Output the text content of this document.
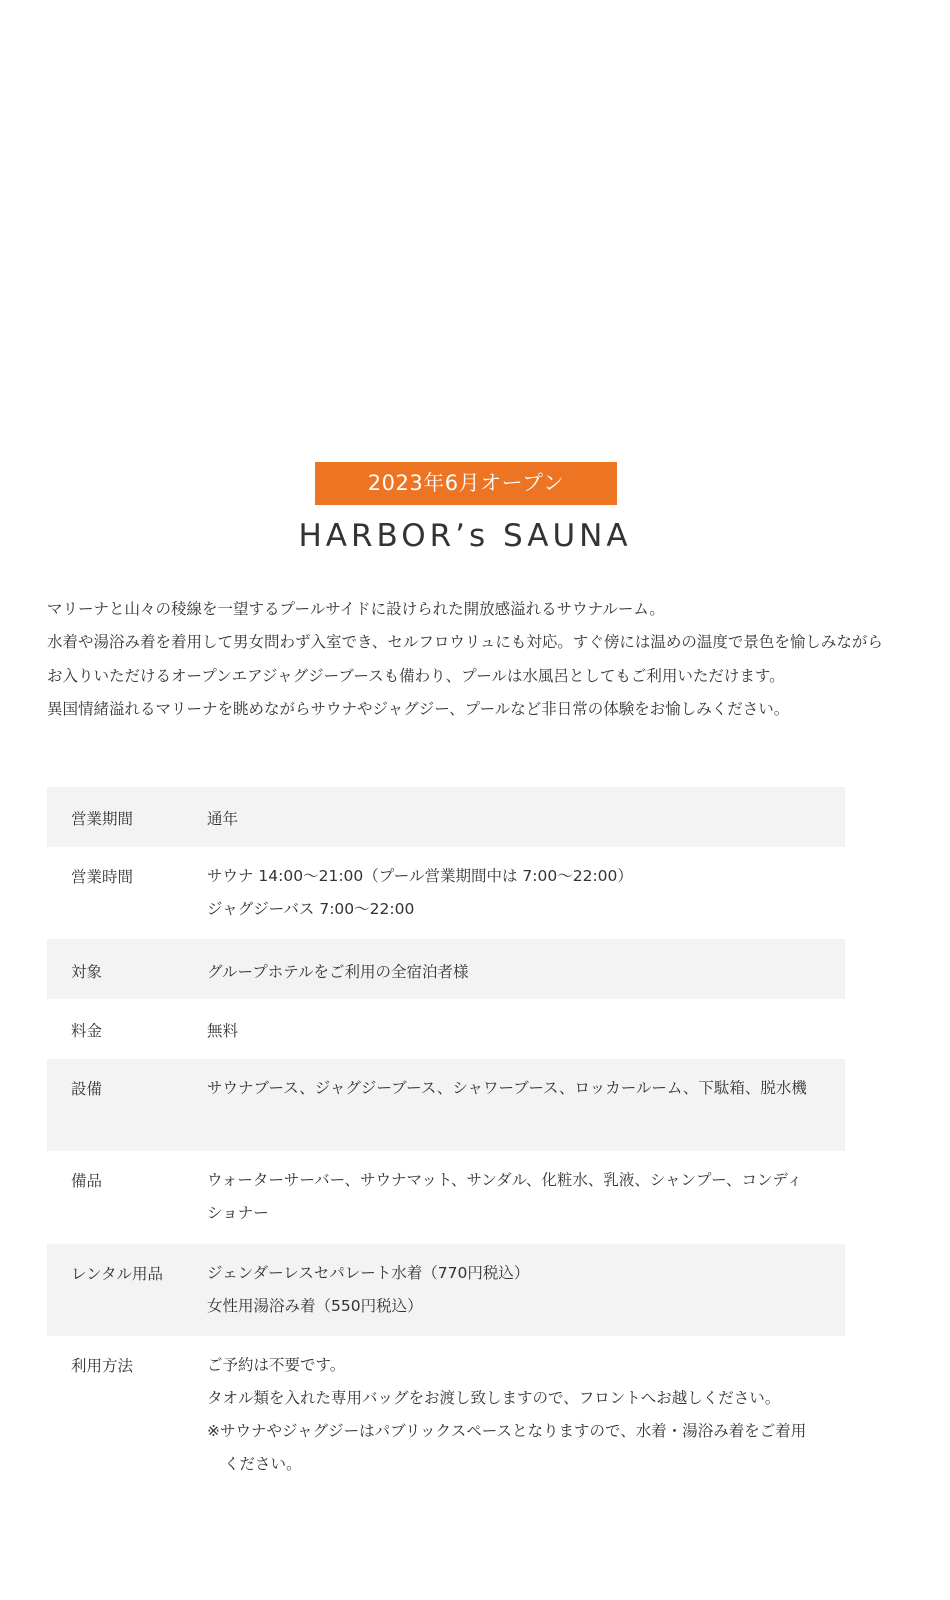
2023年6月オープン
HARBOR’s SAUNA

マリーナと山々の稜線を一望するプールサイドに設けられた開放感溢れるサウナルーム。

水着や湯浴み着を着用して男女問わず入室でき、セルフロウリュにも対応。すぐ傍には温めの温度で景色を愉しみながらお入りいただけるオープンエアジャグジーブースも備わり、プールは水風呂としてもご利用いただけます。

異国情緒溢れるマリーナを眺めながらサウナやジャグジー、プールなど非日常の体験をお愉しみください。

営業期間	通年
営業時間	サウナ 14:00～21:00（プール営業期間中は 7:00～22:00）
ジャグジーバス 7:00～22:00
対象	グループホテルをご利用の全宿泊者様
料金	無料
設備	サウナブース、ジャグジーブース、シャワーブース、ロッカールーム、下駄箱、脱水機
備品	ウォーターサーバー、サウナマット、サンダル、化粧水、乳液、シャンプー、コンディショナー
レンタル用品	ジェンダーレスセパレート水着（770円税込）
女性用湯浴み着（550円税込）
利用方法	ご予約は不要です。
タオル類を入れた専用バッグをお渡し致しますので、フロントへお越しください。
※サウナやジャグジーはパブリックスペースとなりますので、水着・湯浴み着をご着用ください。
